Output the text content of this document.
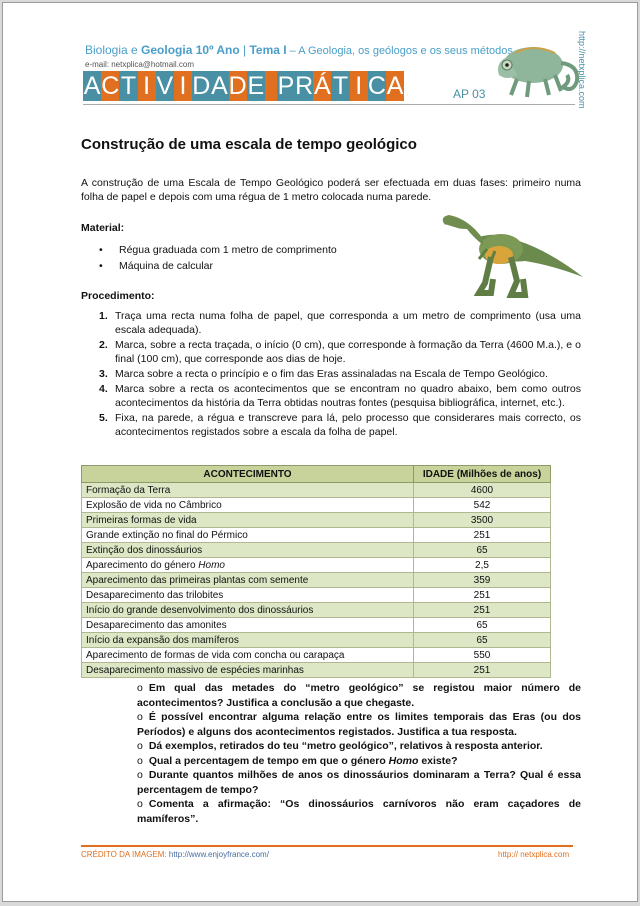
Biologia e Geologia 10º Ano | Tema I – A Geologia, os geólogos e os seus métodos
e-mail: netxplica@hotmail.com
A C T I V I D A D E P R Á T I C A	AP 03	http://netxplica.com
Construção de uma escala de tempo geológico
A construção de uma Escala de Tempo Geológico poderá ser efectuada em duas fases: primeiro numa folha de papel e depois com uma régua de 1 metro colocada numa parede.
Material:
• Régua graduada com 1 metro de comprimento
• Máquina de calcular
Procedimento:
1. Traça uma recta numa folha de papel, que corresponda a um metro de comprimento (usa uma escala adequada).
2. Marca, sobre a recta traçada, o início (0 cm), que corresponde à formação da Terra (4600 M.a.), e o final (100 cm), que corresponde aos dias de hoje.
3. Marca sobre a recta o princípio e o fim das Eras assinaladas na Escala de Tempo Geológico.
4. Marca sobre a recta os acontecimentos que se encontram no quadro abaixo, bem como outros acontecimentos da história da Terra obtidas noutras fontes (pesquisa bibliográfica, internet, etc.).
5. Fixa, na parede, a régua e transcreve para lá, pelo processo que considerares mais correcto, os acontecimentos registados sobre a escala da folha de papel.
ACONTECIMENTO	IDADE (Milhões de anos)
Formação da Terra	4600
Explosão de vida no Câmbrico	542
Primeiras formas de vida	3500
Grande extinção no final do Pérmico	251
Extinção dos dinossáurios	65
Aparecimento do género Homo	2,5
Aparecimento das primeiras plantas com semente	359
Desaparecimento das trilobites	251
Início do grande desenvolvimento dos dinossáurios	251
Desaparecimento das amonites	65
Início da expansão dos mamíferos	65
Aparecimento de formas de vida com concha ou carapaça	550
Desaparecimento massivo de espécies marinhas	251
o Em qual das metades do “metro geológico” se registou maior número de acontecimentos? Justifica a conclusão a que chegaste.
o É possível encontrar alguma relação entre os limites temporais das Eras (ou dos Períodos) e alguns dos acontecimentos registados. Justifica a tua resposta.
o Dá exemplos, retirados do teu “metro geológico”, relativos à resposta anterior.
o Qual a percentagem de tempo em que o género Homo existe?
o Durante quantos milhões de anos os dinossáurios dominaram a Terra? Qual é essa percentagem de tempo?
o Comenta a afirmação: “Os dinossáurios carnívoros não eram caçadores de mamíferos”.
CRÉDITO DA IMAGEM: http://www.enjoyfrance.com/	http:// netxplica.com
